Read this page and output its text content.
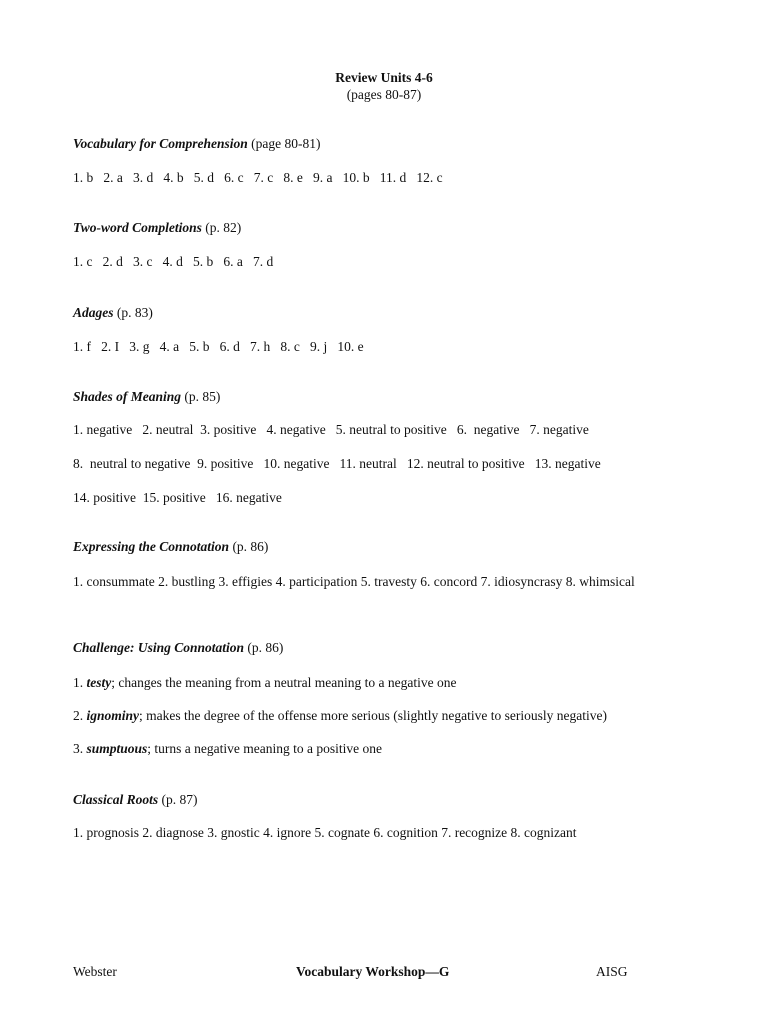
Review Units 4-6
(pages 80-87)
Vocabulary for Comprehension (page 80-81)
1. b   2. a   3. d   4. b   5. d   6. c   7. c   8. e   9. a   10. b   11. d   12. c
Two-word Completions (p. 82)
1. c   2. d   3. c   4. d   5. b   6. a   7. d
Adages (p. 83)
1. f   2. I   3. g   4. a   5. b   6. d   7. h   8. c   9. j   10. e
Shades of Meaning (p. 85)
1. negative   2. neutral  3. positive   4. negative   5. neutral to positive   6.  negative   7. negative
8.  neutral to negative  9. positive   10. negative   11. neutral   12. neutral to positive   13. negative
14. positive  15. positive   16. negative
Expressing the Connotation (p. 86)
1. consummate 2. bustling 3. effigies 4. participation 5. travesty 6. concord 7. idiosyncrasy 8. whimsical
Challenge: Using Connotation (p. 86)
1. testy; changes the meaning from a neutral meaning to a negative one
2. ignominy; makes the degree of the offense more serious (slightly negative to seriously negative)
3. sumptuous; turns a negative meaning to a positive one
Classical Roots (p. 87)
1. prognosis 2. diagnose 3. gnostic 4. ignore 5. cognate 6. cognition 7. recognize 8. cognizant
Webster	Vocabulary Workshop—G	AISG
